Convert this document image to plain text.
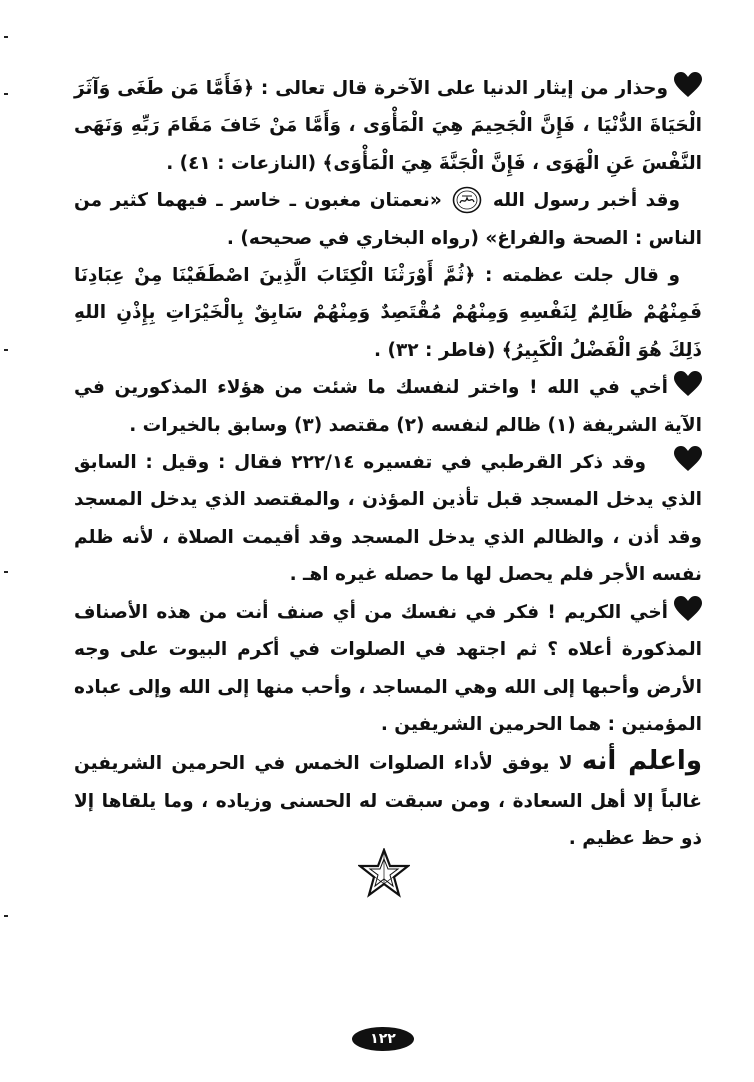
وحذار من إيثار الدنيا على الآخرة قال تعالى : ﴿فَأَمَّا مَن طَغَى وَآثَرَ الْحَيَاةَ الدُّنْيَا ، فَإِنَّ الْجَحِيمَ هِيَ الْمَأْوَى ، وَأَمَّا مَنْ خَافَ مَقَامَ رَبِّهِ وَنَهَى النَّفْسَ عَنِ الْهَوَى ، فَإِنَّ الْجَنَّةَ هِيَ الْمَأْوَى﴾ (النازعات : ٤١) .

وقد أخبر رسول الله
«نعمتان مغبون ـ خاسر ـ فيهما كثير من الناس : الصحة والفراغ» (رواه البخاري في صحيحه) .

و قال جلت عظمته : ﴿ثُمَّ أَوْرَثْنَا الْكِتَابَ الَّذِينَ اصْطَفَيْنَا مِنْ عِبَادِنَا فَمِنْهُمْ ظَالِمٌ لِنَفْسِهِ وَمِنْهُمْ مُقْتَصِدٌ وَمِنْهُمْ سَابِقٌ بِالْخَيْرَاتِ بِإِذْنِ اللهِ ذَلِكَ هُوَ الْفَضْلُ الْكَبِيرُ﴾ (فاطر : ٣٢) .

أخي في الله ! واختر لنفسك ما شئت من هؤلاء المذكورين في الآية الشريفة (١) ظالم لنفسه (٢) مقتصد (٣) وسابق بالخيرات .

وقد ذكر القرطبي في تفسيره ٢٢٢/١٤ فقال : وقيل : السابق الذي يدخل المسجد قبل تأذين المؤذن ، والمقتصد الذي يدخل المسجد وقد أذن ، والظالم الذي يدخل المسجد وقد أقيمت الصلاة ، لأنه ظلم نفسه الأجر فلم يحصل لها ما حصله غيره اهـ .

أخي الكريم ! فكر في نفسك من أي صنف أنت من هذه الأصناف المذكورة أعلاه ؟ ثم اجتهد في الصلوات في أكرم البيوت على وجه الأرض وأحبها إلى الله وهي المساجد ، وأحب منها إلى الله وإلى عباده المؤمنين : هما الحرمين الشريفين .

واعلم أنه لا يوفق لأداء الصلوات الخمس في الحرمين الشريفين غالباً إلا أهل السعادة ، ومن سبقت له الحسنى وزياده ، وما يلقاها إلا ذو حظ عظيم .

١٢٢
